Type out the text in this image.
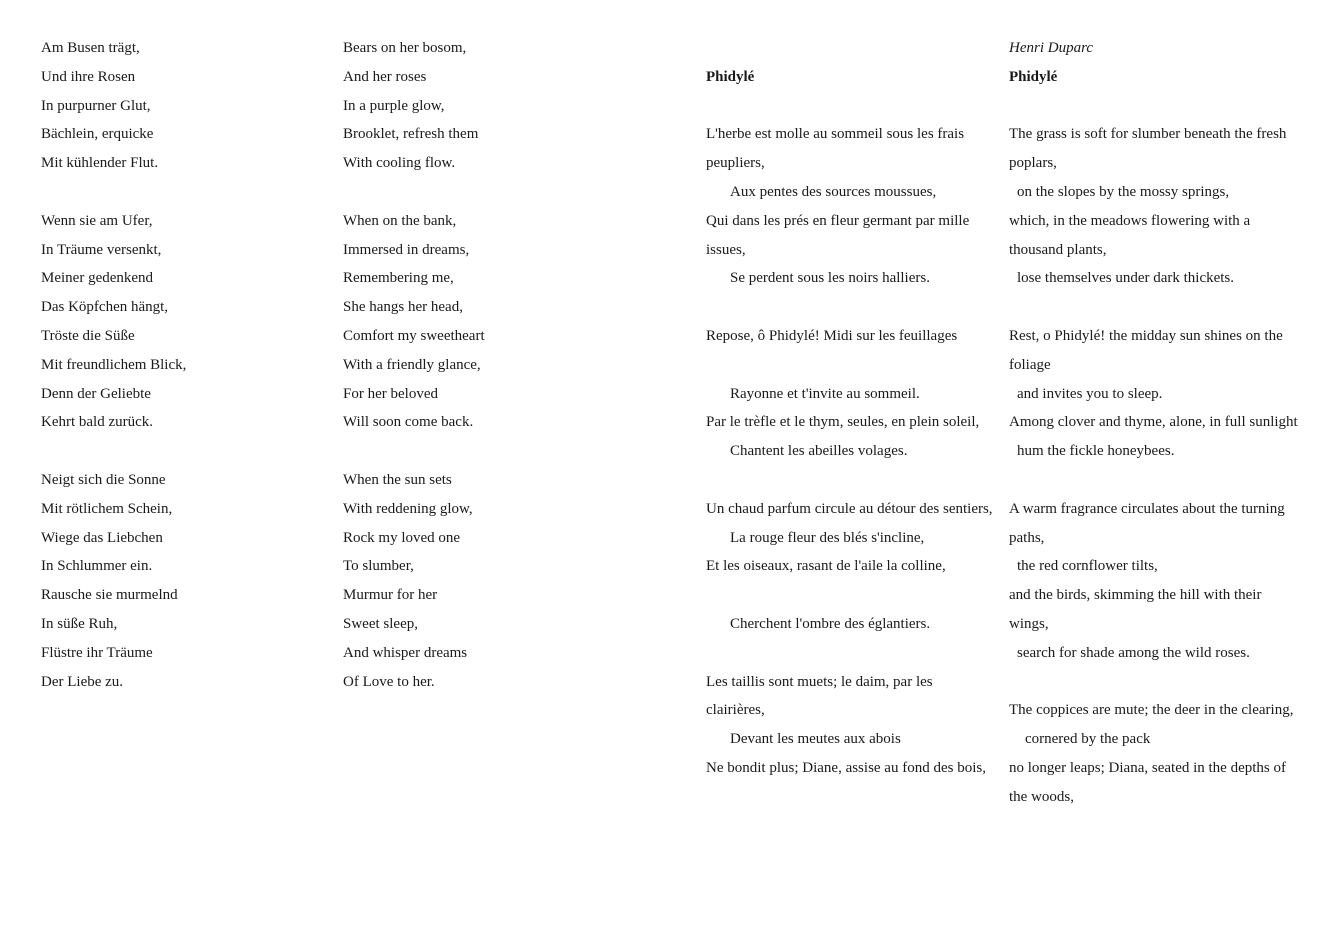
Am Busen trägt,
Und ihre Rosen
In purpurner Glut,
Bächlein, erquicke
Mit kühlender Flut.
Wenn sie am Ufer,
In Träume versenkt,
Meiner gedenkend
Das Köpfchen hängt,
Tröste die Süße
Mit freundlichem Blick,
Denn der Geliebte
Kehrt bald zurück.
Neigt sich die Sonne
Mit rötlichem Schein,
Wiege das Liebchen
In Schlummer ein.
Rausche sie murmelnd
In süße Ruh,
Flüstre ihr Träume
Der Liebe zu.
Bears on her bosom,
And her roses
In a purple glow,
Brooklet, refresh them
With cooling flow.
When on the bank,
Immersed in dreams,
Remembering me,
She hangs her head,
Comfort my sweetheart
With a friendly glance,
For her beloved
Will soon come back.
When the sun sets
With reddening glow,
Rock my loved one
To slumber,
Murmur for her
Sweet sleep,
And whisper dreams
Of Love to her.
Phidylé
L'herbe est molle au sommeil sous les frais peupliers,
Aux pentes des sources moussues,
Qui dans les prés en fleur germant par mille issues,
Se perdent sous les noirs halliers.
Repose, ô Phidylé! Midi sur les feuillages
Rayonne et t'invite au sommeil.
Par le trèfle et le thym, seules, en plein soleil,
Chantent les abeilles volages.
Un chaud parfum circule au détour des sentiers,
La rouge fleur des blés s'incline,
Et les oiseaux, rasant de l'aile la colline,
Cherchent l'ombre des églantiers.
Les taillis sont muets; le daim, par les clairières,
Devant les meutes aux abois
Ne bondit plus; Diane, assise au fond des bois,
Henri Duparc
Phidylé
The grass is soft for slumber beneath the fresh poplars,
on the slopes by the mossy springs,
which, in the meadows flowering with a thousand plants,
lose themselves under dark thickets.
Rest, o Phidylé! the midday sun shines on the foliage
and invites you to sleep.
Among clover and thyme, alone, in full sunlight
hum the fickle honeybees.
A warm fragrance circulates about the turning paths,
the red cornflower tilts,
and the birds, skimming the hill with their wings,
search for shade among the wild roses.
The coppices are mute; the deer in the clearing,
cornered by the pack
no longer leaps; Diana, seated in the depths of the woods,
